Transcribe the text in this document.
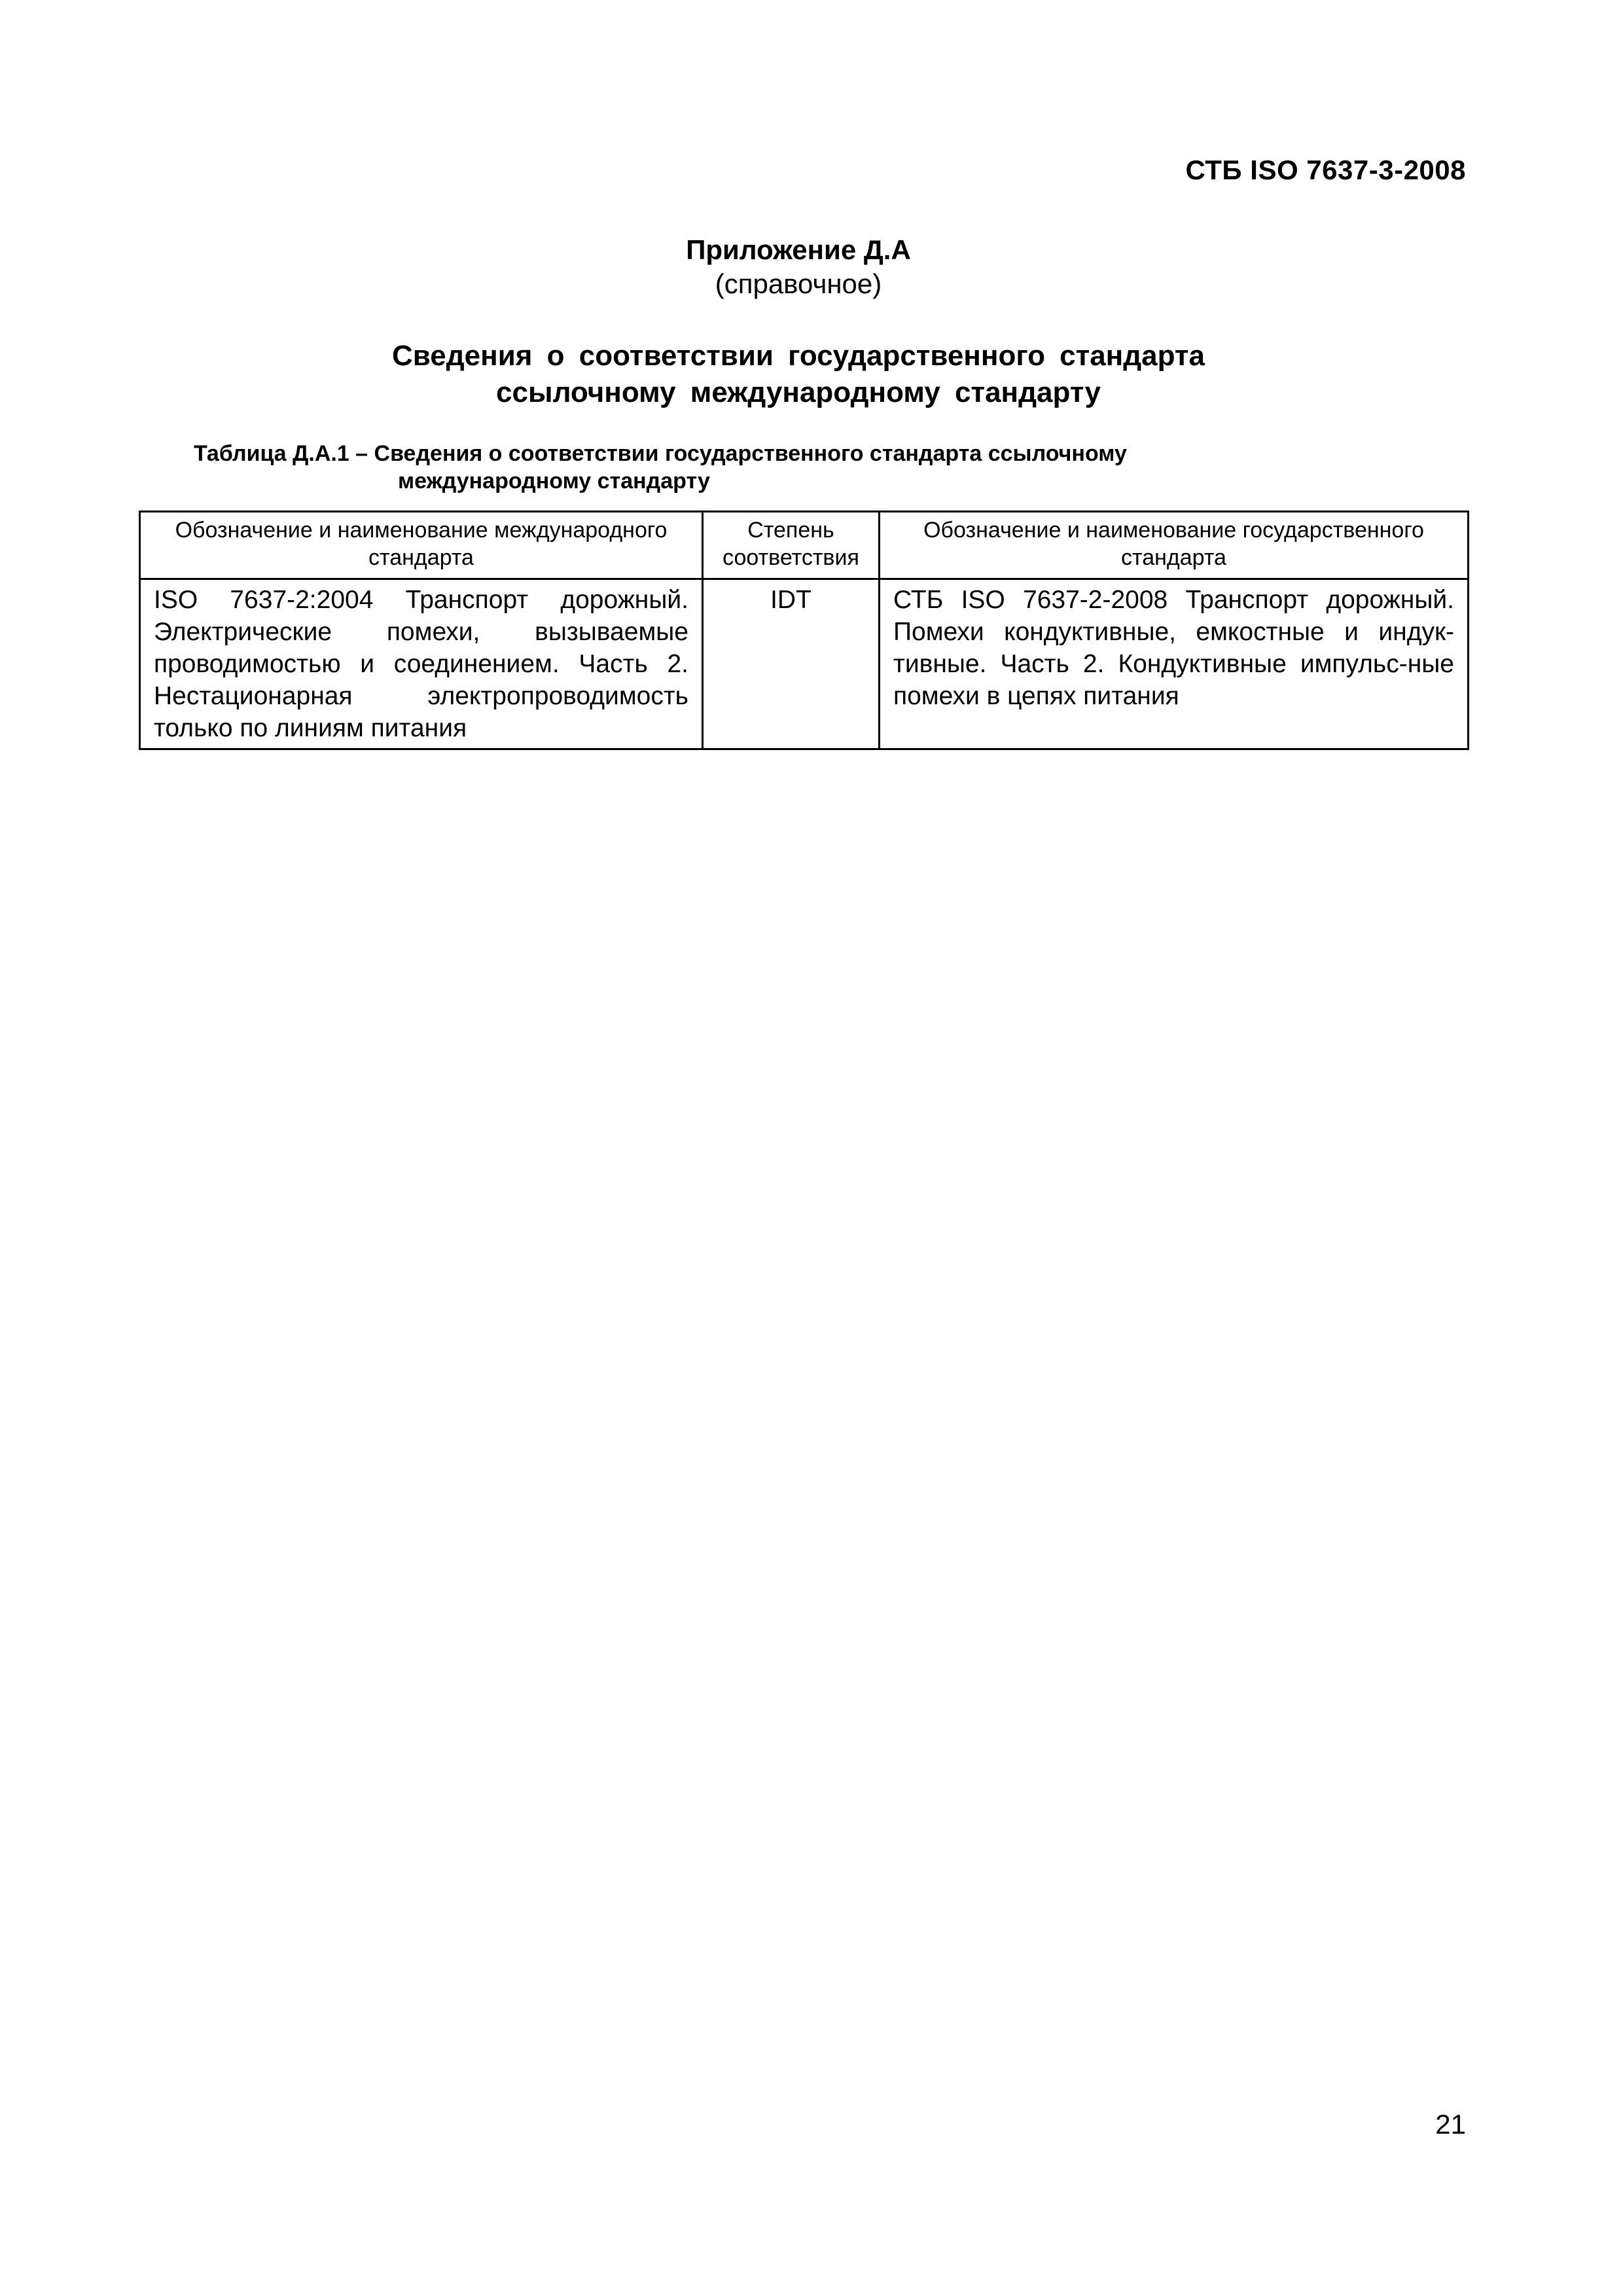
СТБ ISO 7637-3-2008
Приложение Д.А
(справочное)
Сведения о соответствии государственного стандарта
ссылочному международному стандарту
Таблица Д.А.1 – Сведения о соответствии государственного стандарта ссылочному
международному стандарту
Обозначение и наименование международного стандарта	Степень соответствия	Обозначение и наименование государственного стандарта
ISO 7637-2:2004 Транспорт дорожный. Электрические помехи, вызываемые проводимостью и соединением. Часть 2. Нестационарная электропроводимость только по линиям питания	IDT	СТБ ISO 7637-2-2008 Транспорт дорожный. Помехи кондуктивные, емкостные и индук-тивные. Часть 2. Кондуктивные импульс-ные помехи в цепях питания
21
